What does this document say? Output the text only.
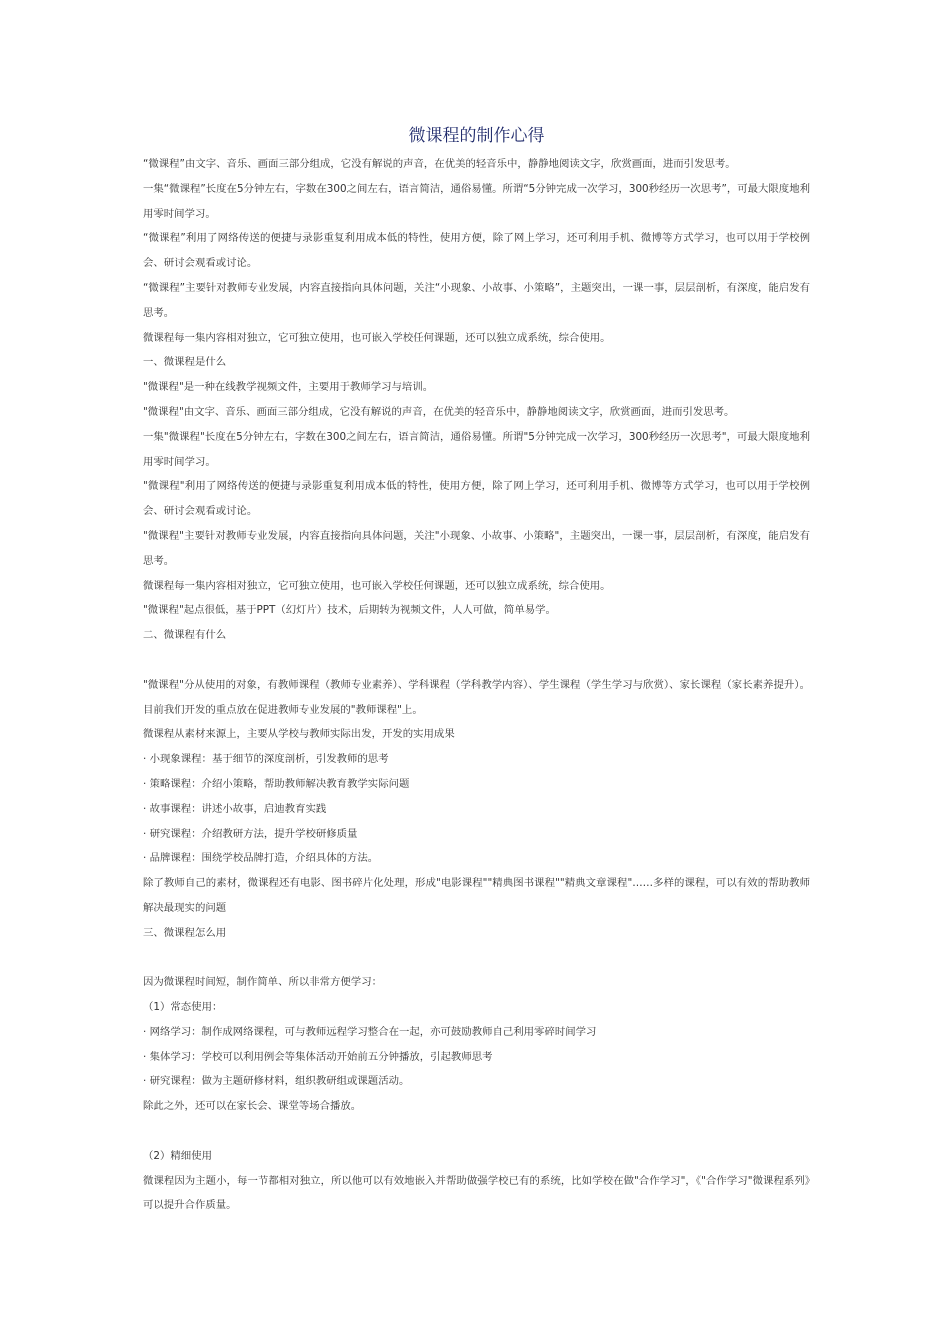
微课程的制作心得

“微课程”由文字、音乐、画面三部分组成，它没有解说的声音，在优美的轻音乐中，静静地阅读文字，欣赏画面，进而引发思考。

一集“微课程”长度在5分钟左右，字数在300之间左右，语言简洁，通俗易懂。所谓“5分钟完成一次学习，300秒经历一次思考”，可最大限度地利用零时间学习。

“微课程”利用了网络传送的便捷与录影重复利用成本低的特性，使用方便，除了网上学习，还可利用手机、微博等方式学习，也可以用于学校例会、研讨会观看或讨论。

“微课程”主要针对教师专业发展，内容直接指向具体问题，关注“小现象、小故事、小策略”，主题突出，一课一事，层层剖析，有深度，能启发有思考。

微课程每一集内容相对独立，它可独立使用，也可嵌入学校任何课题，还可以独立成系统，综合使用。

一、微课程是什么

"微课程"是一种在线教学视频文件，主要用于教师学习与培训。

"微课程"由文字、音乐、画面三部分组成，它没有解说的声音，在优美的轻音乐中，静静地阅读文字，欣赏画面，进而引发思考。

一集"微课程"长度在5分钟左右，字数在300之间左右，语言简洁，通俗易懂。所谓"5分钟完成一次学习，300秒经历一次思考"，可最大限度地利用零时间学习。

"微课程"利用了网络传送的便捷与录影重复利用成本低的特性，使用方便，除了网上学习，还可利用手机、微博等方式学习，也可以用于学校例会、研讨会观看或讨论。

"微课程"主要针对教师专业发展，内容直接指向具体问题，关注"小现象、小故事、小策略"，主题突出，一课一事，层层剖析，有深度，能启发有思考。

微课程每一集内容相对独立，它可独立使用，也可嵌入学校任何课题，还可以独立成系统，综合使用。

"微课程"起点很低，基于PPT（幻灯片）技术，后期转为视频文件，人人可做，简单易学。

二、微课程有什么

"微课程"分从使用的对象，有教师课程（教师专业素养）、学科课程（学科教学内容）、学生课程（学生学习与欣赏）、家长课程（家长素养提升）。目前我们开发的重点放在促进教师专业发展的"教师课程"上。

微课程从素材来源上，主要从学校与教师实际出发，开发的实用成果

· 小现象课程：基于细节的深度剖析，引发教师的思考

· 策略课程：介绍小策略，帮助教师解决教育教学实际问题

· 故事课程：讲述小故事，启迪教育实践

· 研究课程：介绍教研方法，提升学校研修质量

· 品牌课程：围绕学校品牌打造，介绍具体的方法。

除了教师自己的素材，微课程还有电影、图书碎片化处理，形成"电影课程""精典图书课程""精典文章课程"……多样的课程，可以有效的帮助教师解决最现实的问题

三、微课程怎么用

因为微课程时间短，制作简单、所以非常方便学习：

（1）常态使用：

· 网络学习：制作成网络课程，可与教师远程学习整合在一起，亦可鼓励教师自己利用零碎时间学习

· 集体学习：学校可以利用例会等集体活动开始前五分钟播放，引起教师思考

· 研究课程：做为主题研修材料，组织教研组或课题活动。

除此之外，还可以在家长会、课堂等场合播放。

（2）精细使用

微课程因为主题小，每一节都相对独立，所以他可以有效地嵌入并帮助做强学校已有的系统，比如学校在做"合作学习"，《"合作学习"微课程系列》可以提升合作质量。
